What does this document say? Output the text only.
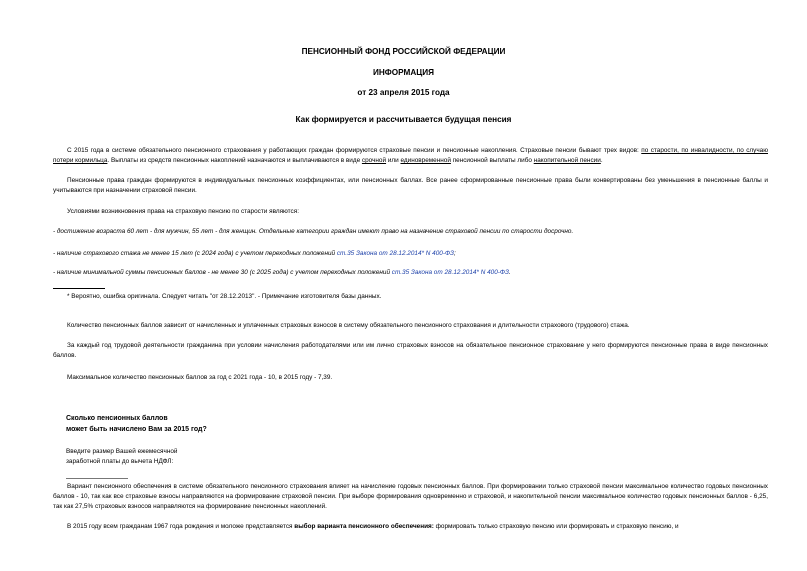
ПЕНСИОННЫЙ ФОНД РОССИЙСКОЙ ФЕДЕРАЦИИ
ИНФОРМАЦИЯ
от 23 апреля 2015 года
Как формируется и рассчитывается будущая пенсия
С 2015 года в системе обязательного пенсионного страхования у работающих граждан формируются страховые пенсии и пенсионные накопления. Страховые пенсии бывают трех видов: по старости, по инвалидности, по случаю потери кормильца. Выплаты из средств пенсионных накоплений назначаются и выплачиваются в виде срочной или единовременной пенсионной выплаты либо накопительной пенсии.
Пенсионные права граждан формируются в индивидуальных пенсионных коэффициентах, или пенсионных баллах. Все ранее сформированные пенсионные права были конвертированы без уменьшения в пенсионные баллы и учитываются при назначении страховой пенсии.
Условиями возникновения права на страховую пенсию по старости являются:
- достижение возраста 60 лет - для мужчин, 55 лет - для женщин. Отдельные категории граждан имеют право на назначение страховой пенсии по старости досрочно.
- наличие страхового стажа не менее 15 лет (с 2024 года) с учетом переходных положений ст.35 Закона от 28.12.2014* N 400-ФЗ;
- наличие минимальной суммы пенсионных баллов - не менее 30 (с 2025 года) с учетом переходных положений ст.35 Закона от 28.12.2014* N 400-ФЗ.
* Вероятно, ошибка оригинала. Следует читать "от 28.12.2013". - Примечание изготовителя базы данных.
Количество пенсионных баллов зависит от начисленных и уплаченных страховых взносов в систему обязательного пенсионного страхования и длительности страхового (трудового) стажа.
За каждый год трудовой деятельности гражданина при условии начисления работодателями или им лично страховых взносов на обязательное пенсионное страхование у него формируются пенсионные права в виде пенсионных баллов.
Максимальное количество пенсионных баллов за год с 2021 года - 10, в 2015 году - 7,39.
Сколько пенсионных баллов
может быть начислено Вам за 2015 год?
Введите размер Вашей ежемесячной
заработной платы до вычета НДФЛ:
Вариант пенсионного обеспечения в системе обязательного пенсионного страхования влияет на начисление годовых пенсионных баллов. При формировании только страховой пенсии максимальное количество годовых пенсионных баллов - 10, так как все страховые взносы направляются на формирование страховой пенсии. При выборе формирования одновременно и страховой, и накопительной пенсии максимальное количество годовых пенсионных баллов - 6,25, так как 27,5% страховых взносов направляются на формирование пенсионных накоплений.
В 2015 году всем гражданам 1967 года рождения и моложе представляется выбор варианта пенсионного обеспечения: формировать только страховую пенсию или формировать и страховую пенсию, и
